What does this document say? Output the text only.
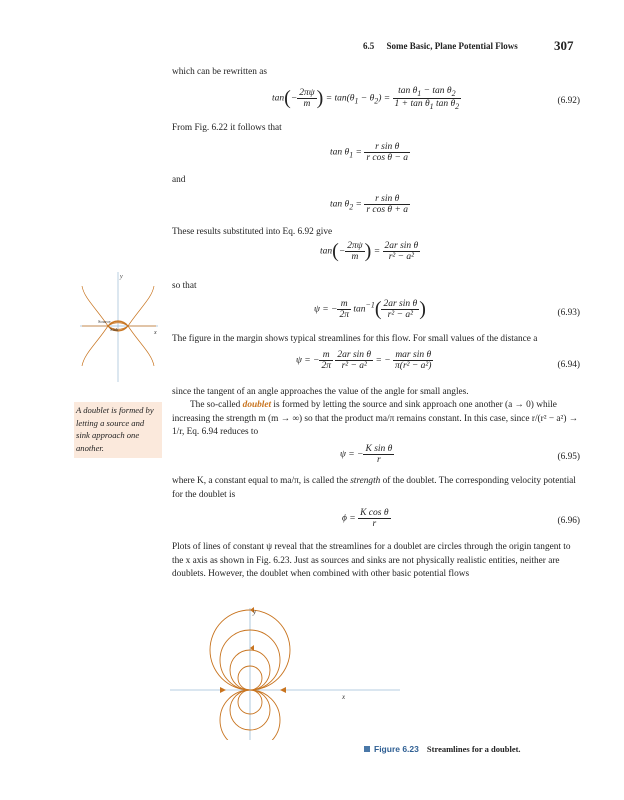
6.5 Some Basic, Plane Potential Flows	307
which can be rewritten as
$\tan(- \frac{2\pi\psi}{m}$ ) = $\tan(\theta_1 - \theta_2) = \frac{\tan \theta_1 - \tan \theta_2}{1 + \tan \theta_1 \tan \theta_2}$	(6.92)
From Fig. 6.22 it follows that
$\tan \theta_1 = \frac{\text{r sin θ}}{\text{r cos θ − a}}$
and
$\tan \theta_2 = \frac{\text{r sin θ}}{\text{r cos θ + a}}$
These results substituted into Eq. 6.92 give
$\tan(- \frac{2\pi\psi}{m}$ ) = $\frac{\text{2ar sin θ}}{\text{r² − a²}}$
so that
ψ = − $\frac{m}{2\pi} \tan^{-1}( \frac{\text{2ar sin θ}}{\text{r² − a²}}$ )	(6.93)
The figure in the margin shows typical streamlines for this flow. For small values of the distance a
ψ = − $\frac{m}{2\pi}$
$\frac{\text{2ar sin θ}}{\text{r² − a²}}$ = − $\frac{\text{mar sin θ}}{\text{π(r² − a²)}}$	(6.94)
since the tangent of an angle approaches the value of the angle for small angles.
The so-called doublet is formed by letting the source and sink approach one another (a → 0) while increasing the strength m (m → ∞) so that the product ma/π remains constant. In this case, since r/(r² − a²) → 1/r, Eq. 6.94 reduces to
ψ = − $\frac{\text{K sin θ}}{r}$	(6.95)
where K, a constant equal to ma/π, is called the strength of the doublet. The corresponding velocity potential for the doublet is
$\phi = \frac{\text{K cos θ}}{r}$	(6.96)
Plots of lines of constant ψ reveal that the streamlines for a doublet are circles through the origin tangent to the x axis as shown in Fig. 6.23. Just as sources and sinks are not physically realistic entities, neither are doublets. However, the doublet when combined with other basic potential flows
A doublet is formed by letting a source and sink approach one another.
y
x
Source
Sink
y
x
Figure 6.23 Streamlines for a doublet.
